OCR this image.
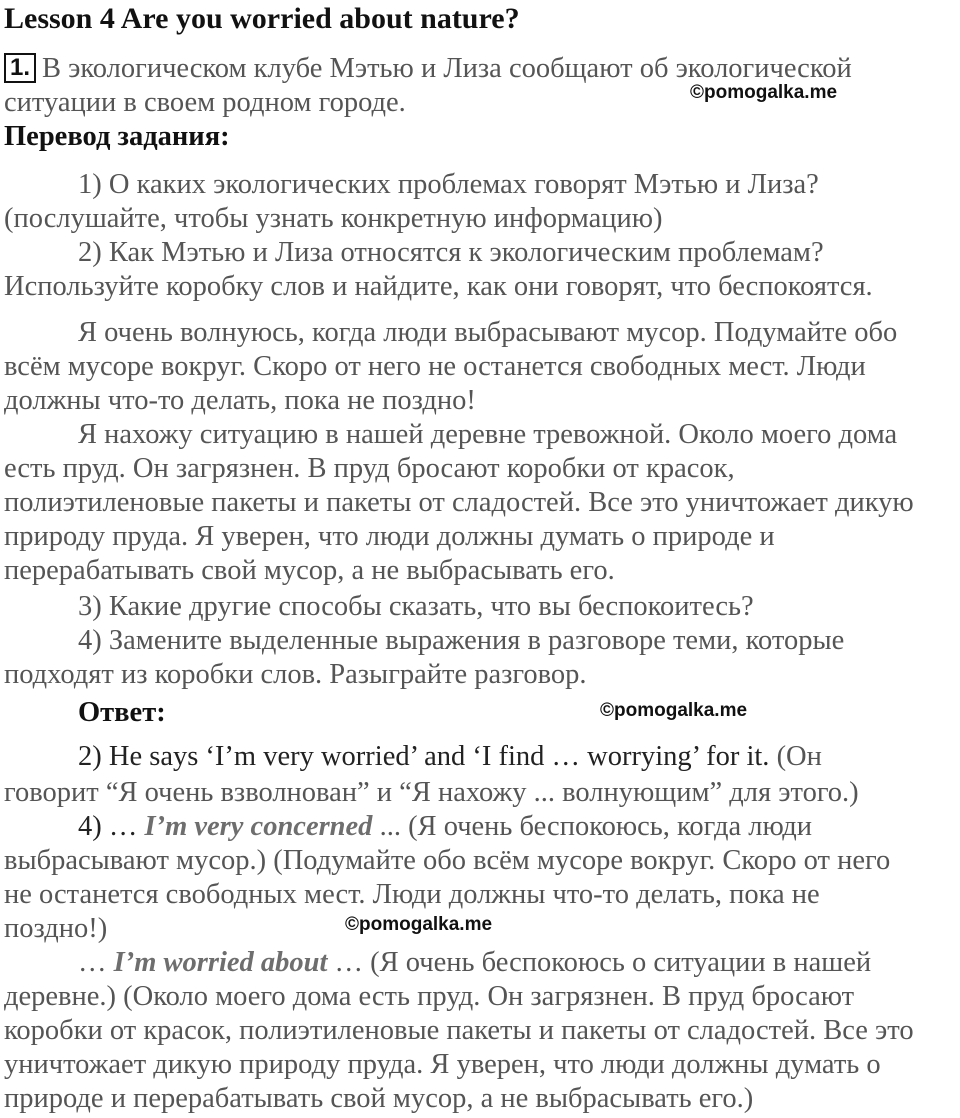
Lesson 4 Are you worried about nature?
1. В экологическом клубе Мэтью и Лиза сообщают об экологической
ситуации в своем родном городе.	©pomogalka.me
Перевод задания:
1) О каких экологических проблемах говорят Мэтью и Лиза?
(послушайте, чтобы узнать конкретную информацию)
2) Как Мэтью и Лиза относятся к экологическим проблемам?
Используйте коробку слов и найдите, как они говорят, что беспокоятся.
Я очень волнуюсь, когда люди выбрасывают мусор. Подумайте обо
всём мусоре вокруг. Скоро от него не останется свободных мест. Люди
должны что-то делать, пока не поздно!
Я нахожу ситуацию в нашей деревне тревожной. Около моего дома
есть пруд. Он загрязнен. В пруд бросают коробки от красок,
полиэтиленовые пакеты и пакеты от сладостей. Все это уничтожает дикую
природу пруда. Я уверен, что люди должны думать о природе и
перерабатывать свой мусор, а не выбрасывать его.
3) Какие другие способы сказать, что вы беспокоитесь?
4) Замените выделенные выражения в разговоре теми, которые
подходят из коробки слов. Разыграйте разговор.
Ответ:	©pomogalka.me
2) He says ‘I’m very worried’ and ‘I find … worrying’ for it. (Он
говорит “Я очень взволнован” и “Я нахожу ... волнующим” для этого.)
4) … I’m very concerned ... (Я очень беспокоюсь, когда люди
выбрасывают мусор.) (Подумайте обо всём мусоре вокруг. Скоро от него
не останется свободных мест. Люди должны что-то делать, пока не
поздно!)	©pomogalka.me
… I’m worried about … (Я очень беспокоюсь о ситуации в нашей
деревне.) (Около моего дома есть пруд. Он загрязнен. В пруд бросают
коробки от красок, полиэтиленовые пакеты и пакеты от сладостей. Все это
уничтожает дикую природу пруда. Я уверен, что люди должны думать о
природе и перерабатывать свой мусор, а не выбрасывать его.)
